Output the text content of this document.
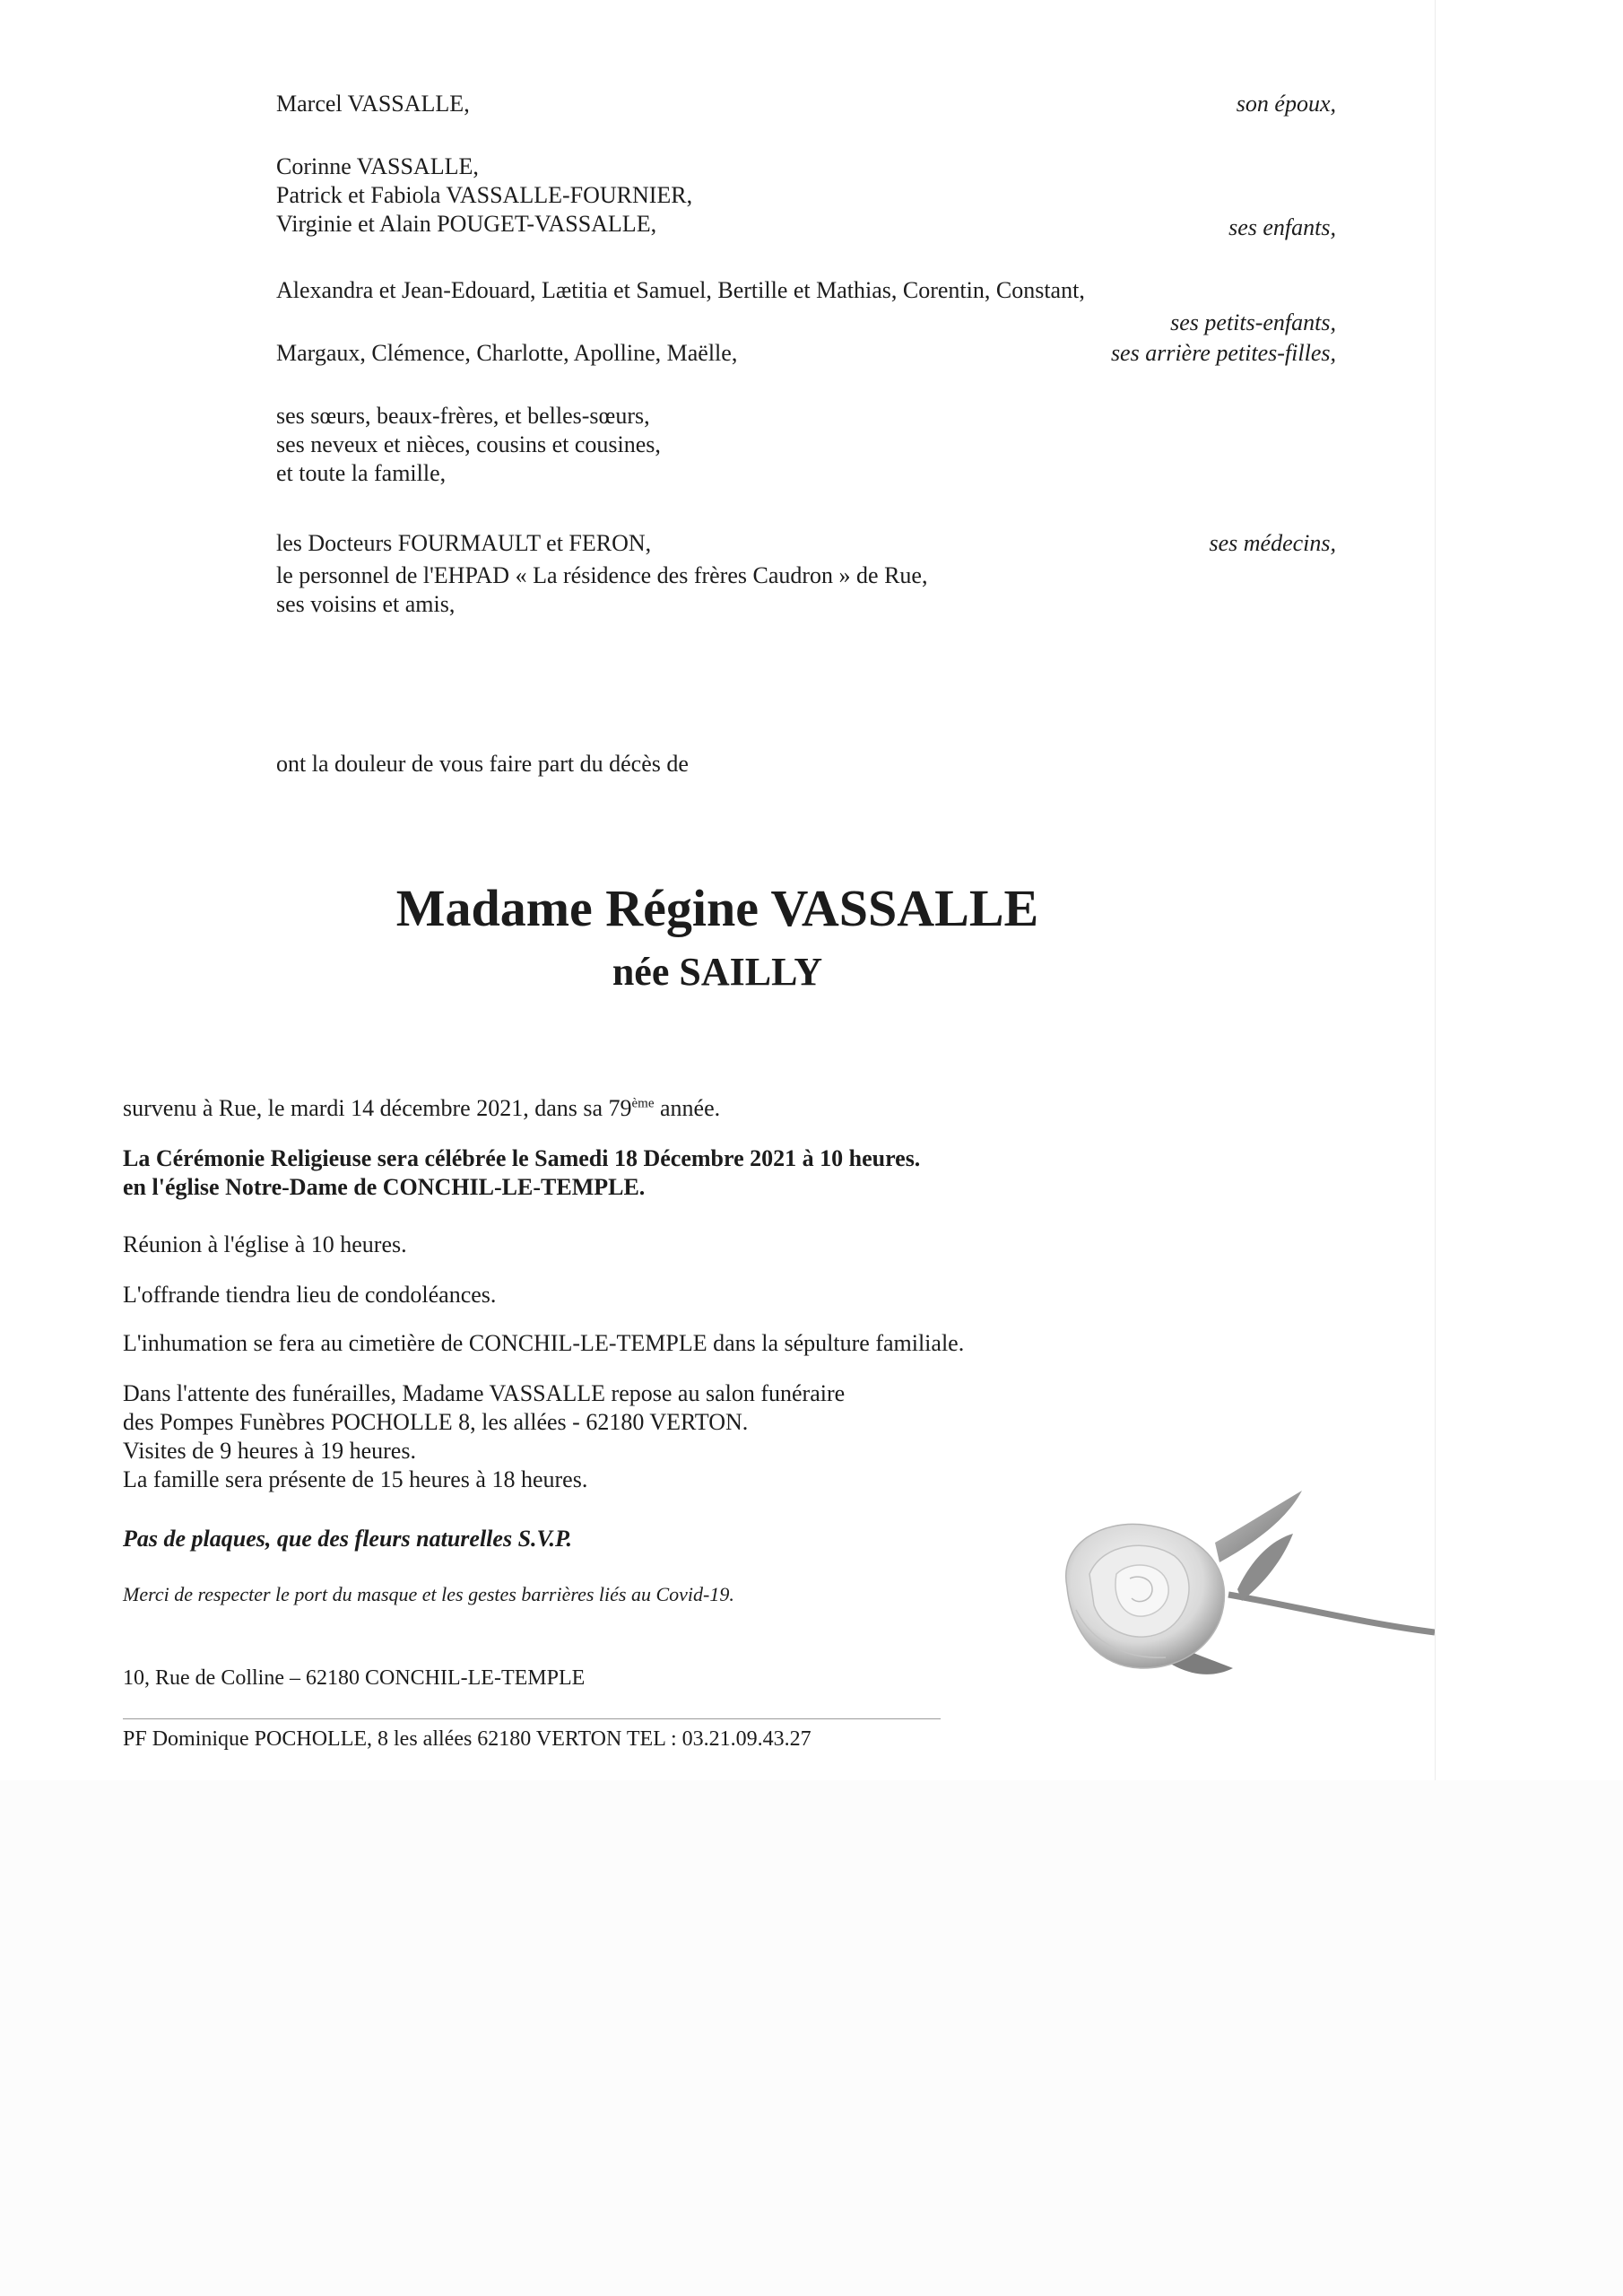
Marcel VASSALLE,	son époux,
Corinne VASSALLE,
Patrick et Fabiola VASSALLE-FOURNIER,
Virginie et Alain POUGET-VASSALLE,	ses enfants,
Alexandra et Jean-Edouard, Lætitia et Samuel, Bertille et Mathias, Corentin, Constant,
ses petits-enfants,
Margaux, Clémence, Charlotte, Apolline, Maëlle,	ses arrière petites-filles,
ses sœurs, beaux-frères, et belles-sœurs,
ses neveux et nièces, cousins et cousines,
et toute la famille,
les Docteurs FOURMAULT et FERON,	ses médecins,
le personnel de l'EHPAD « La résidence des frères Caudron » de Rue,
ses voisins et amis,
ont la douleur de vous faire part du décès de
Madame Régine VASSALLE
née SAILLY
survenu à Rue, le mardi 14 décembre 2021, dans sa 79ème année.
La Cérémonie Religieuse sera célébrée le Samedi 18 Décembre 2021 à 10 heures.
en l'église Notre-Dame de CONCHIL-LE-TEMPLE.
Réunion à l'église à 10 heures.
L'offrande tiendra lieu de condoléances.
L'inhumation se fera au cimetière de CONCHIL-LE-TEMPLE dans la sépulture familiale.
Dans l'attente des funérailles, Madame VASSALLE repose au salon funéraire
des Pompes Funèbres POCHOLLE 8, les allées - 62180 VERTON.
Visites de 9 heures à 19 heures.
La famille sera présente de 15 heures à 18 heures.
Pas de plaques, que des fleurs naturelles S.V.P.
Merci de respecter le port du masque et les gestes barrières liés au Covid-19.
10, Rue de Colline – 62180 CONCHIL-LE-TEMPLE
PF Dominique POCHOLLE, 8 les allées 62180 VERTON TEL : 03.21.09.43.27
